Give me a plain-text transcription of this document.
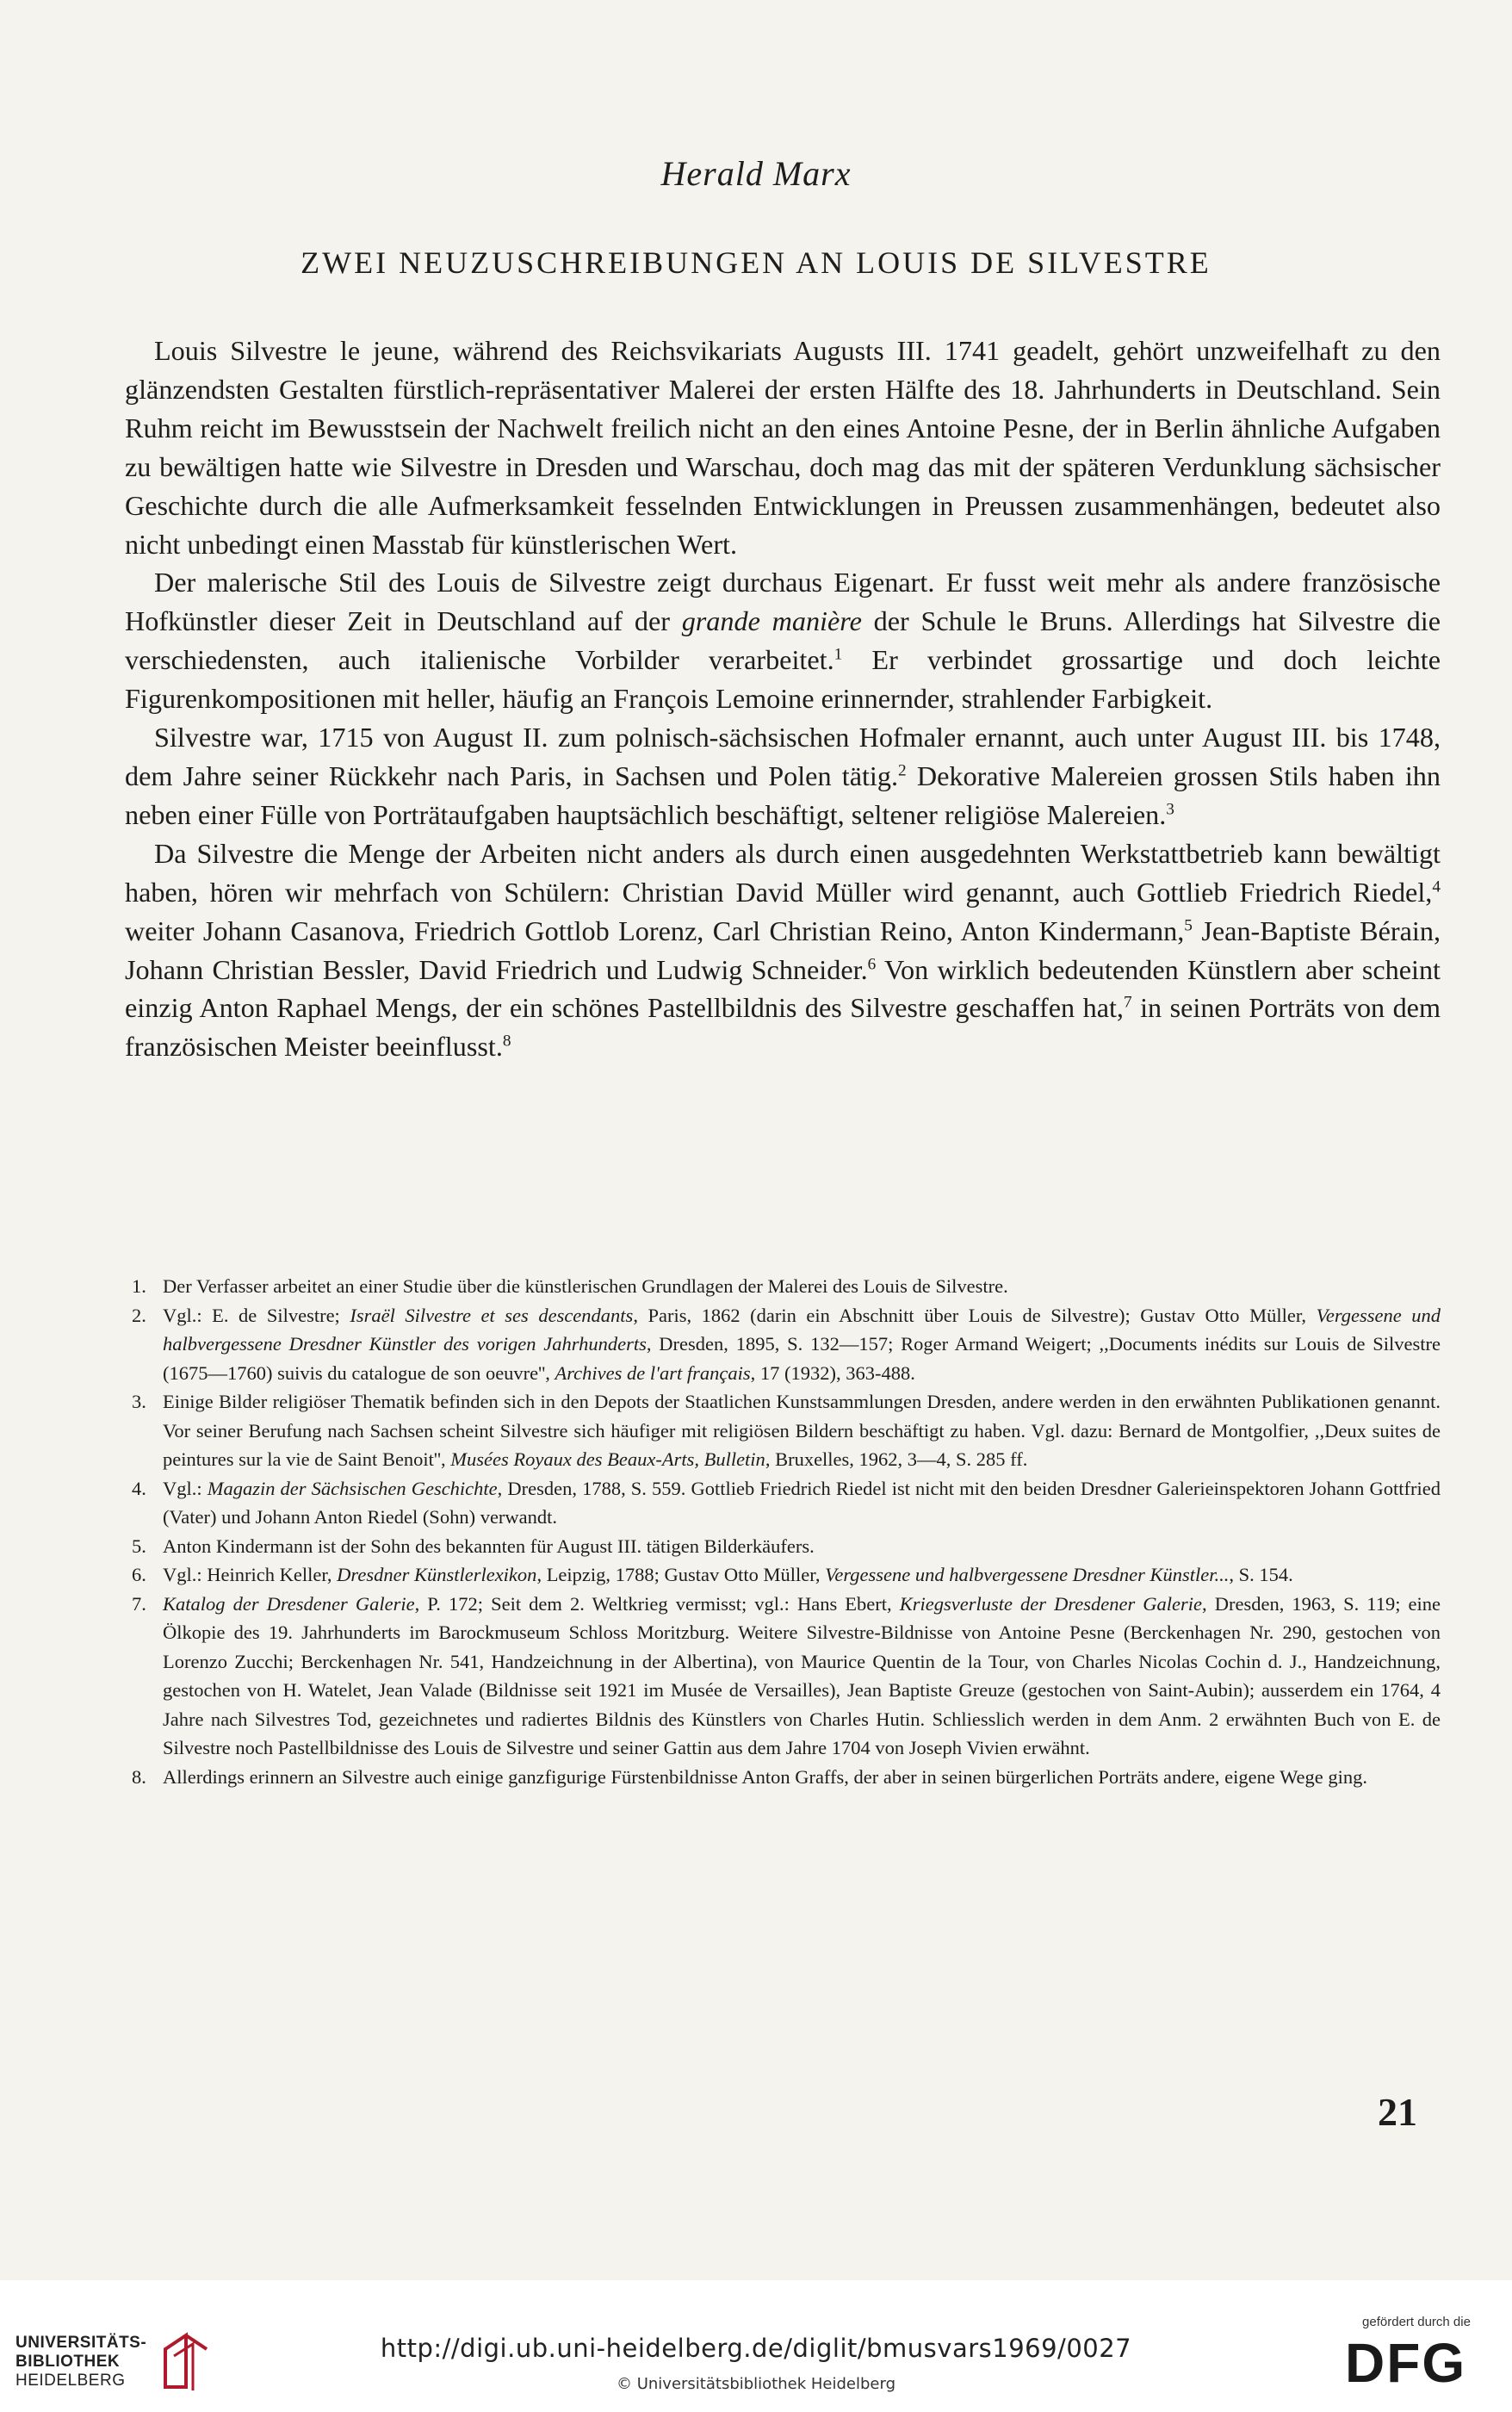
Herald Marx
ZWEI NEUZUSCHREIBUNGEN AN LOUIS DE SILVESTRE

Louis Silvestre le jeune, während des Reichsvikariats Augusts III. 1741 geadelt, gehört unzweifelhaft zu den glänzendsten Gestalten fürstlich-repräsentativer Malerei der ersten Hälfte des 18. Jahrhunderts in Deutschland. Sein Ruhm reicht im Bewusstsein der Nachwelt freilich nicht an den eines Antoine Pesne, der in Berlin ähnliche Aufgaben zu bewältigen hatte wie Silvestre in Dresden und Warschau, doch mag das mit der späteren Verdunklung sächsischer Geschichte durch die alle Aufmerksamkeit fesselnden Entwicklungen in Preussen zusammenhängen, bedeutet also nicht unbedingt einen Masstab für künstlerischen Wert.

Der malerische Stil des Louis de Silvestre zeigt durchaus Eigenart. Er fusst weit mehr als andere französische Hofkünstler dieser Zeit in Deutschland auf der grande manière der Schule le Bruns. Allerdings hat Silvestre die verschiedensten, auch italienische Vorbilder verarbeitet.$^1$ Er verbindet grossartige und doch leichte Figurenkompositionen mit heller, häufig an François Lemoine erinnernder, strahlender Farbigkeit.

Silvestre war, 1715 von August II. zum polnisch-sächsischen Hofmaler ernannt, auch unter August III. bis 1748, dem Jahre seiner Rückkehr nach Paris, in Sachsen und Polen tätig.$^2$ Dekorative Malereien grossen Stils haben ihn neben einer Fülle von Porträtaufgaben hauptsächlich beschäftigt, seltener religiöse Malereien.$^3$

Da Silvestre die Menge der Arbeiten nicht anders als durch einen ausgedehnten Werkstattbetrieb kann bewältigt haben, hören wir mehrfach von Schülern: Christian David Müller wird genannt, auch Gottlieb Friedrich Riedel,$^4$ weiter Johann Casanova, Friedrich Gottlob Lorenz, Carl Christian Reino, Anton Kindermann,$^5$ Jean-Baptiste Bérain, Johann Christian Bessler, David Friedrich und Ludwig Schneider.$^6$ Von wirklich bedeutenden Künstlern aber scheint einzig Anton Raphael Mengs, der ein schönes Pastellbildnis des Silvestre geschaffen hat,$^7$ in seinen Porträts von dem französischen Meister beeinflusst.$^8$

1. Der Verfasser arbeitet an einer Studie über die künstlerischen Grundlagen der Malerei des Louis de Silvestre.
2. Vgl.: E. de Silvestre; Israël Silvestre et ses descendants, Paris, 1862 (darin ein Abschnitt über Louis de Silvestre); Gustav Otto Müller, Vergessene und halbvergessene Dresdner Künstler des vorigen Jahrhunderts, Dresden, 1895, S. 132—157; Roger Armand Weigert; ,,Documents inédits sur Louis de Silvestre (1675—1760) suivis du catalogue de son oeuvre'', Archives de l'art français, 17 (1932), 363-488.
3. Einige Bilder religiöser Thematik befinden sich in den Depots der Staatlichen Kunstsammlungen Dresden, andere werden in den erwähnten Publikationen genannt. Vor seiner Berufung nach Sachsen scheint Silvestre sich häufiger mit religiösen Bildern beschäftigt zu haben. Vgl. dazu: Bernard de Montgolfier, ,,Deux suites de peintures sur la vie de Saint Benoit'', Musées Royaux des Beaux-Arts, Bulletin, Bruxelles, 1962, 3—4, S. 285 ff.
4. Vgl.: Magazin der Sächsischen Geschichte, Dresden, 1788, S. 559. Gottlieb Friedrich Riedel ist nicht mit den beiden Dresdner Galerieinspektoren Johann Gottfried (Vater) und Johann Anton Riedel (Sohn) verwandt.
5. Anton Kindermann ist der Sohn des bekannten für August III. tätigen Bilderkäufers.
6. Vgl.: Heinrich Keller, Dresdner Künstlerlexikon, Leipzig, 1788; Gustav Otto Müller, Vergessene und halbvergessene Dresdner Künstler..., S. 154.
7. Katalog der Dresdener Galerie, P. 172; Seit dem 2. Weltkrieg vermisst; vgl.: Hans Ebert, Kriegsverluste der Dresdener Galerie, Dresden, 1963, S. 119; eine Ölkopie des 19. Jahrhunderts im Barockmuseum Schloss Moritzburg. Weitere Silvestre-Bildnisse von Antoine Pesne (Berckenhagen Nr. 290, gestochen von Lorenzo Zucchi; Berckenhagen Nr. 541, Handzeichnung in der Albertina), von Maurice Quentin de la Tour, von Charles Nicolas Cochin d. J., Handzeichnung, gestochen von H. Watelet, Jean Valade (Bildnisse seit 1921 im Musée de Versailles), Jean Baptiste Greuze (gestochen von Saint-Aubin); ausserdem ein 1764, 4 Jahre nach Silvestres Tod, gezeichnetes und radiertes Bildnis des Künstlers von Charles Hutin. Schliesslich werden in dem Anm. 2 erwähnten Buch von E. de Silvestre noch Pastellbildnisse des Louis de Silvestre und seiner Gattin aus dem Jahre 1704 von Joseph Vivien erwähnt.
8. Allerdings erinnern an Silvestre auch einige ganzfigurige Fürstenbildnisse Anton Graffs, der aber in seinen bürgerlichen Porträts andere, eigene Wege ging.
21
UNIVERSITÄTS-
BIBLIOTHEK
HEIDELBERG
http://digi.ub.uni-heidelberg.de/diglit/bmusvars1969/0027
© Universitätsbibliothek Heidelberg
gefördert durch die
DFG
